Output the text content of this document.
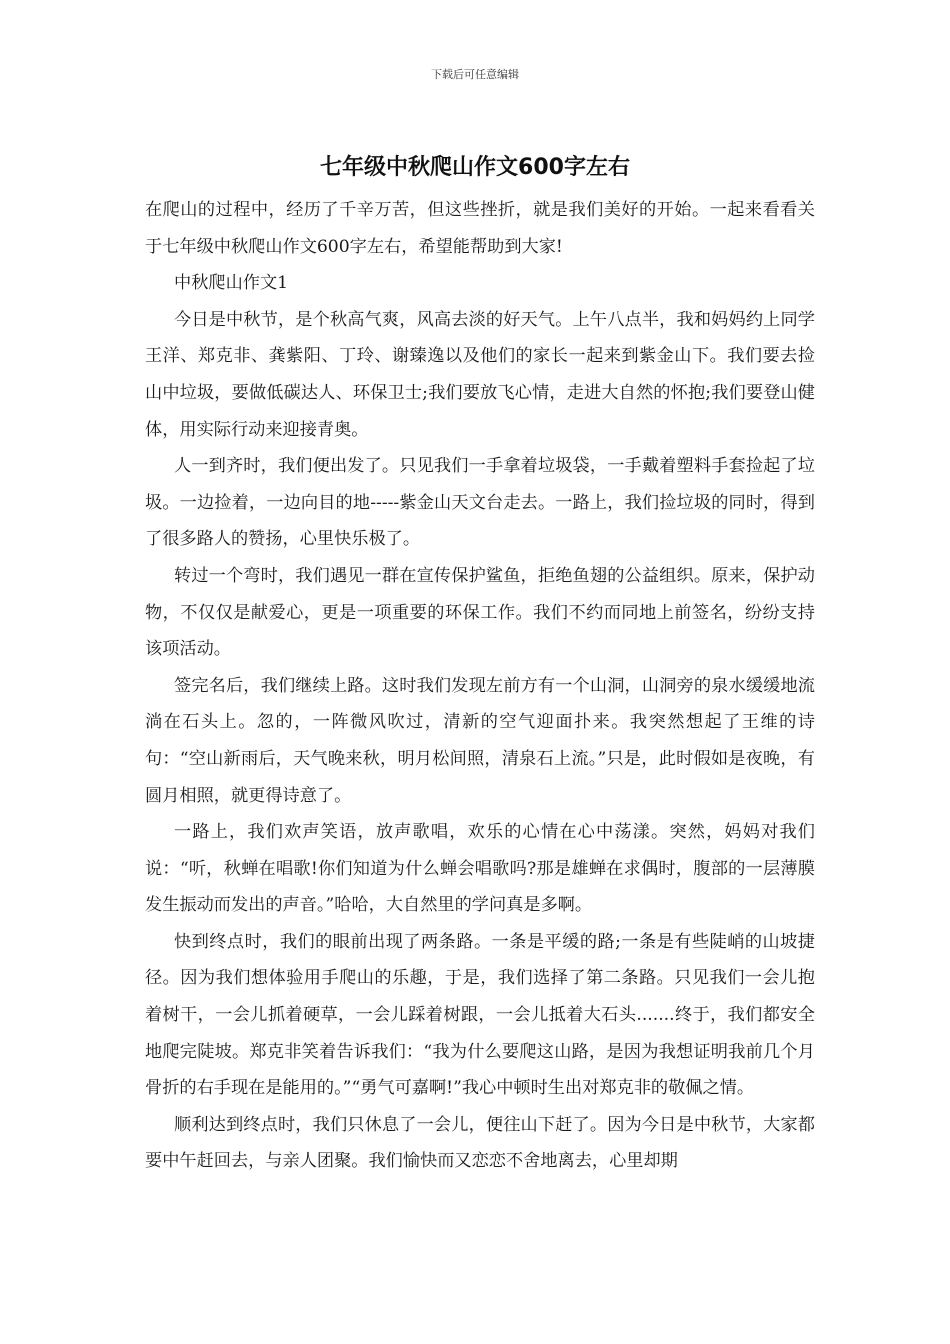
下载后可任意编辑
七年级中秋爬山作文600字左右

在爬山的过程中，经历了千辛万苦，但这些挫折，就是我们美好的开始。一起来看看关于七年级中秋爬山作文600字左右，希望能帮助到大家!

中秋爬山作文1

今日是中秋节，是个秋高气爽，风高去淡的好天气。上午八点半，我和妈妈约上同学王洋、郑克非、龚紫阳、丁玲、谢臻逸以及他们的家长一起来到紫金山下。我们要去捡山中垃圾，要做低碳达人、环保卫士;我们要放飞心情，走进大自然的怀抱;我们要登山健体，用实际行动来迎接青奥。

人一到齐时，我们便出发了。只见我们一手拿着垃圾袋，一手戴着塑料手套捡起了垃圾。一边捡着，一边向目的地-----紫金山天文台走去。一路上，我们捡垃圾的同时，得到了很多路人的赞扬，心里快乐极了。

转过一个弯时，我们遇见一群在宣传保护鲨鱼，拒绝鱼翅的公益组织。原来，保护动物，不仅仅是献爱心，更是一项重要的环保工作。我们不约而同地上前签名，纷纷支持该项活动。

签完名后，我们继续上路。这时我们发现左前方有一个山洞，山洞旁的泉水缓缓地流淌在石头上。忽的，一阵微风吹过，清新的空气迎面扑来。我突然想起了王维的诗句：“空山新雨后，天气晚来秋，明月松间照，清泉石上流。”只是，此时假如是夜晚，有圆月相照，就更得诗意了。

一路上，我们欢声笑语，放声歌唱，欢乐的心情在心中荡漾。突然，妈妈对我们说：“听，秋蝉在唱歌!你们知道为什么蝉会唱歌吗?那是雄蝉在求偶时，腹部的一层薄膜发生振动而发出的声音。”哈哈，大自然里的学问真是多啊。

快到终点时，我们的眼前出现了两条路。一条是平缓的路;一条是有些陡峭的山坡捷径。因为我们想体验用手爬山的乐趣，于是，我们选择了第二条路。只见我们一会儿抱着树干，一会儿抓着硬草，一会儿踩着树跟，一会儿抵着大石头.......终于，我们都安全地爬完陡坡。郑克非笑着告诉我们：“我为什么要爬这山路，是因为我想证明我前几个月骨折的右手现在是能用的。”“勇气可嘉啊!”我心中顿时生出对郑克非的敬佩之情。

顺利达到终点时，我们只休息了一会儿，便往山下赶了。因为今日是中秋节，大家都要中午赶回去，与亲人团聚。我们愉快而又恋恋不舍地离去，心里却期
